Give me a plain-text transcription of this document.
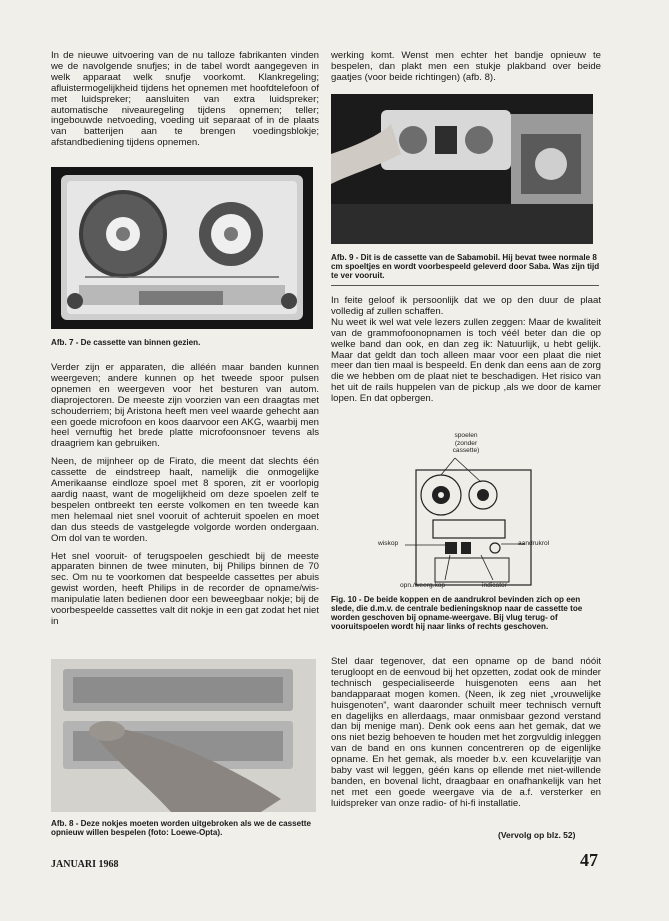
In de nieuwe uitvoering van de nu talloze fabrikanten vinden we de navolgende snufjes; in de tabel wordt aangegeven in welk apparaat welk snufje voorkomt. Klankregeling; afluistermogelijkheid tijdens het opnemen met hoofdtelefoon of met luidspreker; aansluiten van extra luidspreker; automatische niveauregeling tijdens opnemen; teller; ingebouwde netvoeding, voeding uit separaat of in de plaats van batterijen aan te brengen voedingsblokje; afstandbediening tijdens opnemen.

Afb. 7 - De cassette van binnen gezien.

Verder zijn er apparaten, die alléén maar banden kunnen weergeven; andere kunnen op het tweede spoor pulsen opnemen en weergeven voor het besturen van autom. diaprojectoren. De meeste zijn voorzien van een draagtas met schouderriem; bij Aristona heeft men veel waarde gehecht aan een goede microfoon en koos daarvoor een AKG, waarbij men heel vernuftig het brede platte microfoonsnoer tevens als draagriem kan gebruiken.

Neen, de mijnheer op de Firato, die meent dat slechts één cassette de eindstreep haalt, namelijk die onmogelijke Amerikaanse eindloze spoel met 8 sporen, zit er voorlopig aardig naast, want de mogelijkheid om deze spoelen zelf te bespelen ontbreekt ten eerste volkomen en ten tweede kan men helemaal niet snel vooruit of achteruit spoelen en moet dan dus steeds de vastgelegde volgorde worden ondergaan. Om dol van te worden.

Het snel vooruit- of terugspoelen geschiedt bij de meeste apparaten binnen de twee minuten, bij Philips binnen de 70 sec. Om nu te voorkomen dat bespeelde cassettes per abuis gewist worden, heeft Philips in de recorder de opname/wis-manipulatie laten bedienen door een beweegbaar nokje; bij de voorbespeelde cassettes valt dit nokje in een gat zodat het niet in

Afb. 8 - Deze nokjes moeten worden uitgebroken als we de cassette opnieuw willen bespelen (foto: Loewe-Opta).

werking komt. Wenst men echter het bandje opnieuw te bespelen, dan plakt men een stukje plakband over beide gaatjes (voor beide richtingen) (afb. 8).

Afb. 9 - Dit is de cassette van de Sabamobil. Hij bevat twee normale 8 cm spoeltjes en wordt voorbespeeld geleverd door Saba. Was zijn tijd te ver vooruit.

In feite geloof ik persoonlijk dat we op den duur de plaat volledig af zullen schaffen.
Nu weet ik wel wat vele lezers zullen zeggen: Maar de kwaliteit van de grammofoonopnamen is toch véél beter dan die op welke band dan ook, en dan zeg ik: Natuurlijk, u hebt gelijk. Maar dat geldt dan toch alleen maar voor een plaat die niet meer dan tien maal is bespeeld. En denk dan eens aan de zorg die we hebben om de plaat niet te beschadigen. Het risico van het uit de rails huppelen van de pickup ,als we door de kamer lopen. En dat opbergen.

spoelen
(zonder
cassette)
wiskop	aandrukrol
opn./weerg.kop	indicator
Fig. 10 - De beide koppen en de aandrukrol bevinden zich op een slede, die d.m.v. de centrale bedieningsknop naar de cassette toe worden geschoven bij opname-weergave. Bij vlug terug- of vooruitspoelen wordt hij naar links of rechts geschoven.

Stel daar tegenover, dat een opname op de band nóóit terugloopt en de eenvoud bij het opzetten, zodat ook de minder technisch gespecialiseerde huisgenoten eens aan het bandapparaat mogen komen. (Neen, ik zeg niet „vrouwelijke huisgenoten”, want daaronder schuilt meer technisch vernuft en dagelijks en allerdaags, maar onmisbaar gezond verstand dan bij menige man). Denk ook eens aan het gemak, dat we ons niet bezig behoeven te houden met het zorgvuldig inleggen van de band en ons kunnen concentreren op de eigenlijke opname. En het gemak, als moeder b.v. een kcuvelarijtje van baby vast wil leggen, géén kans op ellende met niet-willende banden, en bovenal licht, draagbaar en onafhankelijk van het net met een goede weergave via de a.f. versterker en luidspreker van onze radio- of hi-fi installatie.

(Vervolg op blz. 52)
JANUARI 1968	47
